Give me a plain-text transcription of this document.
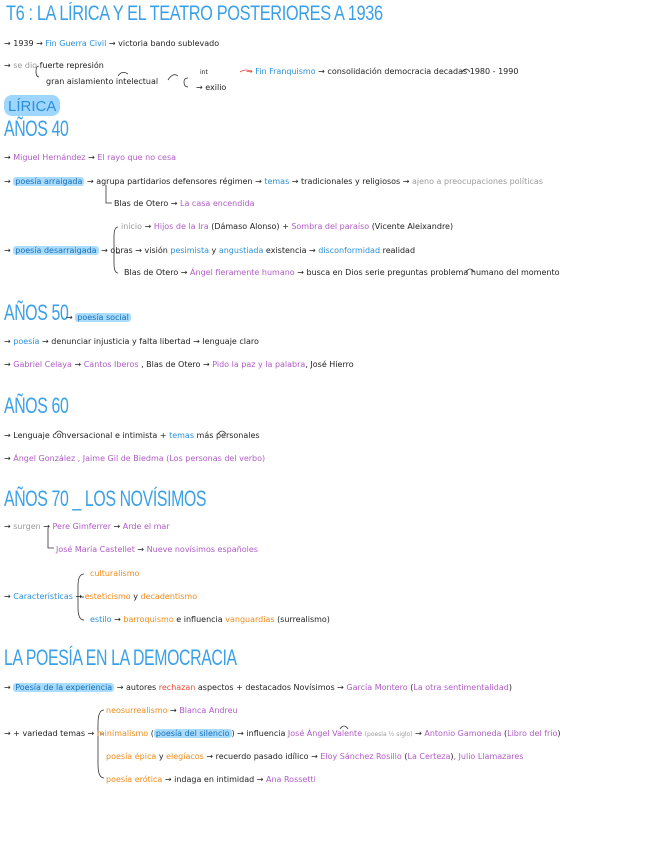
T6 : LA LÍRICA Y EL TEATRO POSTERIORES A 1936
→ 1939 → Fin Guerra Civil → victoria bando sublevado
→ se dio fuerte represión
gran aislamiento intelectual
int
→ exilio
→ Fin Franquismo → consolidación democracia decadas 1980 - 1990
LÍRICA
AÑOS 40
→ Miguel Hernández → El rayo que no cesa
→ poesía arraigada → agrupa partidarios defensores régimen → temas → tradicionales y religiosos → ajeno a preocupaciones políticas
Blas de Otero → La casa encendida
inicio → Hijos de la Ira (Dámaso Alonso) + Sombra del paraíso (Vicente Aleixandre)
→ poesía desarraigada → obras → visión pesimista y angustiada existencia → disconformidad realidad
Blas de Otero → Ángel fieramente humano → busca en Dios serie preguntas problema humano del momento
AÑOS 50
→ poesía social
→ poesía → denunciar injusticia y falta libertad → lenguaje claro
→ Gabriel Celaya → Cantos Iberos , Blas de Otero → Pido la paz y la palabra, José Hierro
AÑOS 60
→ Lenguaje conversacional e intimista + temas más personales
→ Ángel González , Jaime Gil de Biedma (Los personas del verbo)
AÑOS 70 _ LOS NOVÍSIMOS
→ surgen → Pere Gimferrer → Arde el mar
José María Castellet → Nueve novísimos españoles
culturalismo
→ Características → esteticismo y decadentismo
estilo → barroquismo e influencia vanguardias (surrealismo)
LA POESÍA EN LA DEMOCRACIA
→ Poesía de la experiencia → autores rechazan aspectos + destacados Novísimos → García Montero (La otra sentimentalidad)
neosurrealismo → Blanca Andreu
→ + variedad temas → minimalismo ( poesía del silencio ) → influencia José Ángel Valente (poesía ½ siglo) → Antonio Gamoneda (Libro del frío)
poesía épica y elegíacos → recuerdo pasado idílico → Eloy Sánchez Rosillo (La Certeza), Julio Llamazares
poesía erótica → indaga en intimidad → Ana Rossetti
